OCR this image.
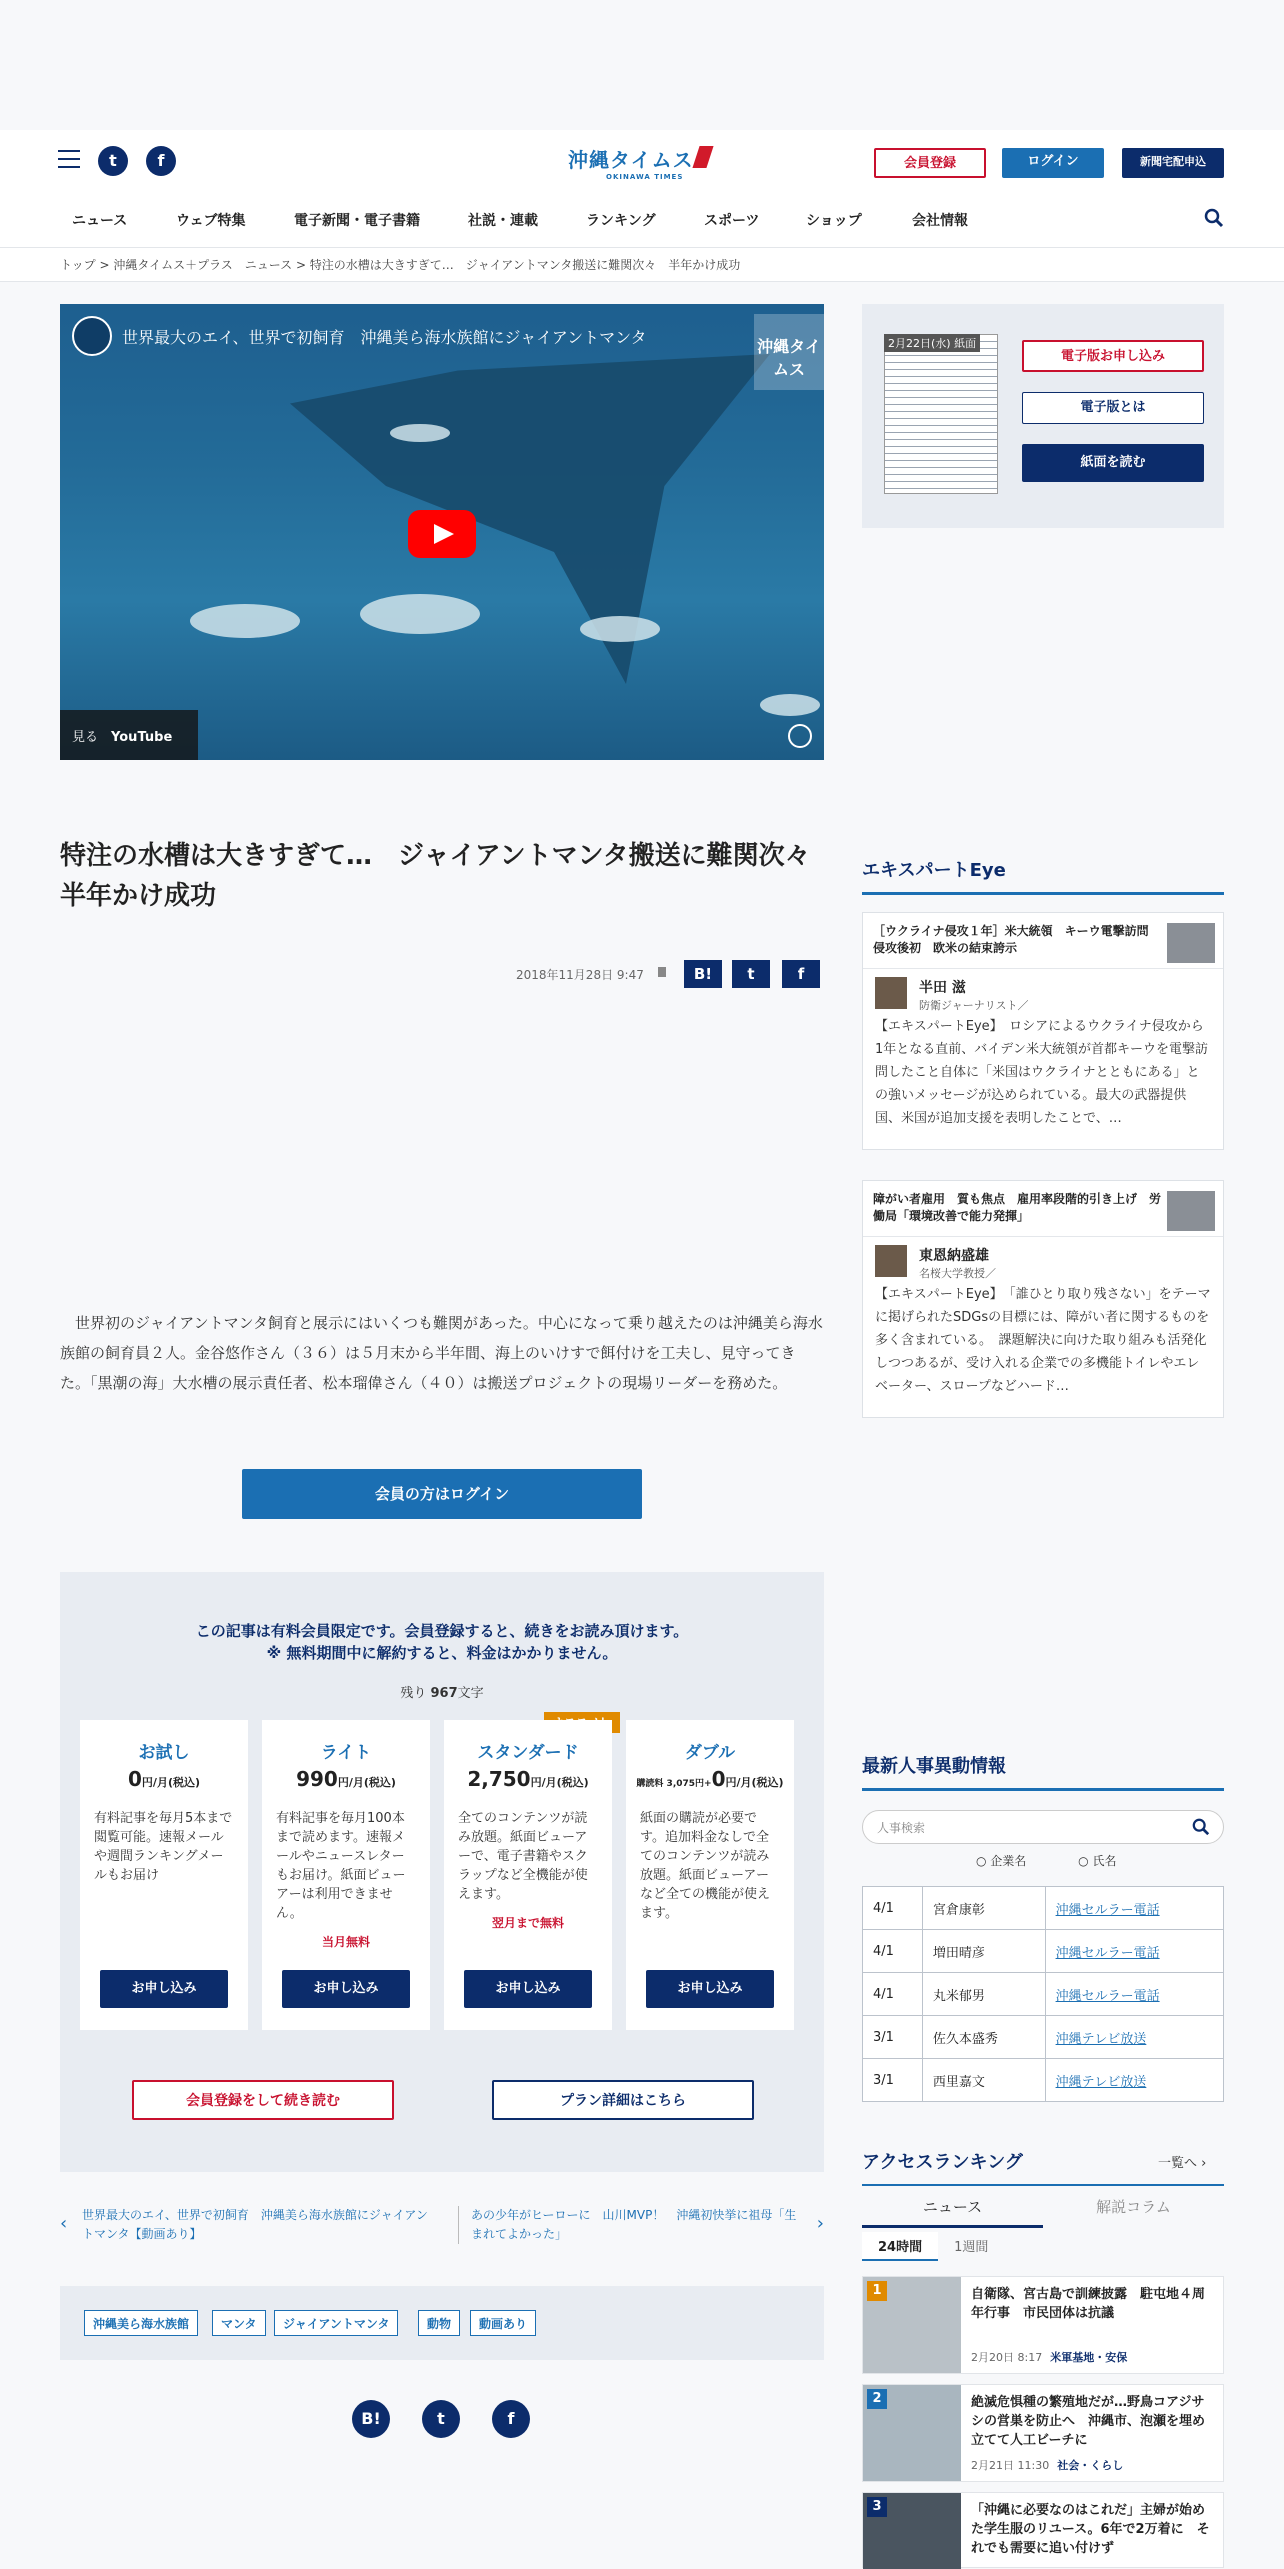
t	f	沖縄タイムス
OKINAWA TIMES
会員登録	ログイン	新聞宅配申込
ニュース	ウェブ特集	電子新聞・電子書籍	社説・連載	ランキング	スポーツ	ショップ	会社情報
トップ > 沖縄タイムス＋プラス　ニュース > 特注の水槽は大きすぎて…　ジャイアントマンタ搬送に難関次々　半年かけ成功
世界最大のエイ、世界で初飼育　沖縄美ら海水族館にジャイアントマンタ	沖縄タイムス
見る　 YouTube
2月22日(水) 紙面
電子版お申し込み
電子版とは
紙面を読む
特注の水槽は大きすぎて…　ジャイアントマンタ搬送に難関次々　半年かけ成功
2018年11月28日 9:47	B!	t	f

　世界初のジャイアントマンタ飼育と展示にはいくつも難関があった。中心になって乗り越えたのは沖縄美ら海水族館の飼育員２人。金谷悠作さん（３６）は５月末から半年間、海上のいけすで餌付けを工夫し、見守ってきた。「黒潮の海」大水槽の展示責任者、松本瑠偉さん（４０）は搬送プロジェクトの現場リーダーを務めた。

会員の方はログイン
この記事は有料会員限定です。会員登録すると、続きをお読み頂けます。
※ 無料期間中に解約すると、料金はかかりません。
残り 967文字
お試し
0円/月(税込)
有料記事を毎月5本まで閲覧可能。速報メールや週間ランキングメールもお届け
お申し込み
ライト
990円/月(税込)
有料記事を毎月100本まで読めます。速報メールやニュースレターもお届け。紙面ビューアーは利用できません。
当月無料
お申し込み
スタンダード
2,750円/月(税込)
全てのコンテンツが読み放題。紙面ビューアーで、電子書籍やスクラップなど全機能が使えます。
翌月まで無料
お申し込み
ダブル
購読料 3,075円+0円/月(税込)
紙面の購読が必要です。追加料金なしで全てのコンテンツが読み放題。紙面ビューアーなど全ての機能が使えます。
お申し込み
会員登録をして続き読む	プラン詳細はこちら
‹ 世界最大のエイ、世界で初飼育　沖縄美ら海水族館にジャイアントマンタ【動画あり】
あの少年がヒーローに　山川MVP！　沖縄初快挙に祖母「生まれてよかった」	›
沖縄美ら海水族館	マンタ	ジャイアントマンタ	動物	動画あり
B!	t	f
エキスパートEye
［ウクライナ侵攻１年］米大統領　キーウ電撃訪問　侵攻後初　欧米の結束誇示
半田 滋
防衛ジャーナリスト／
【エキスパートEye】　ロシアによるウクライナ侵攻から1年となる直前、バイデン米大統領が首都キーウを電撃訪問したこと自体に「米国はウクライナとともにある」との強いメッセージが込められている。最大の武器提供国、米国が追加支援を表明したことで、…
障がい者雇用　質も焦点　雇用率段階的引き上げ　労働局「環境改善で能力発揮」
東恩納盛雄
名桜大学教授／
【エキスパートEye】　「誰ひとり取り残さない」をテーマに掲げられたSDGsの目標には、障がい者に関するものを多く含まれている。　課題解決に向けた取り組みも活発化しつつあるが、受け入れる企業での多機能トイレやエレベーター、スロープなどハード…
最新人事異動情報
人事検索
○ 企業名	○ 氏名
4/1	宮倉康彰	沖縄セルラー電話
4/1	増田晴彦	沖縄セルラー電話
4/1	丸米郁男	沖縄セルラー電話
3/1	佐久本盛秀	沖縄テレビ放送
3/1	西里嘉文	沖縄テレビ放送
アクセスランキング	一覧へ ›
ニュース	解説コラム
24時間 1週間
1	自衛隊、宮古島で訓練披露　駐屯地４周年行事　市民団体は抗議
2月20日 8:17 米軍基地・安保
2	絶滅危惧種の繁殖地だが…野鳥コアジサシの営巣を防止へ　沖縄市、泡瀬を埋め立てて人工ビーチに
2月21日 11:30 社会・くらし
3	「沖縄に必要なのはこれだ」主婦が始めた学生服のリユース。6年で2万着に　それでも需要に追い付けず
